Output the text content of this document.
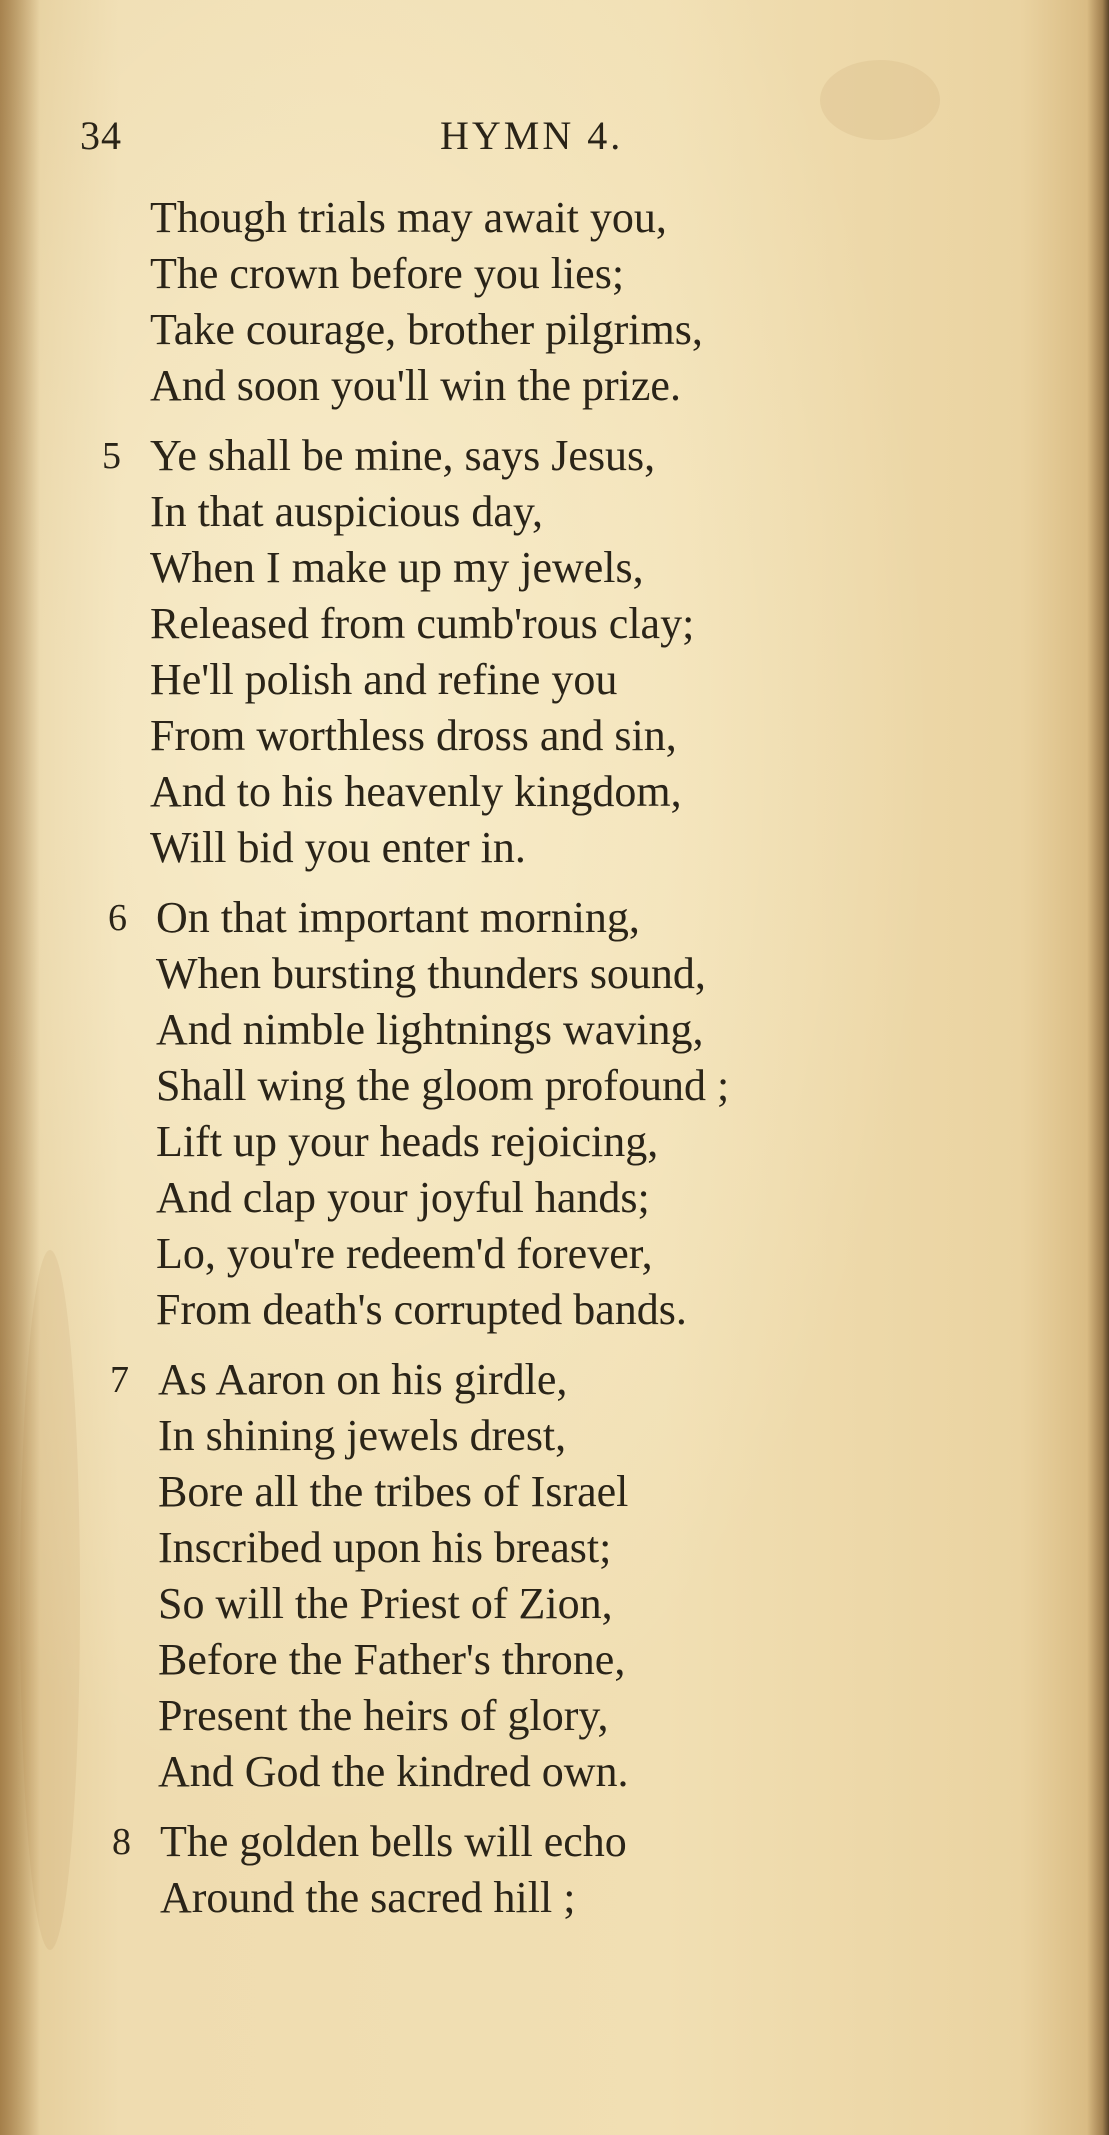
34	HYMN 4.
Though trials may await you,
The crown before you lies;
Take courage, brother pilgrims,
And soon you'll win the prize.
5 Ye shall be mine, says Jesus,
In that auspicious day,
When I make up my jewels,
Released from cumb'rous clay;
He'll polish and refine you
From worthless dross and sin,
And to his heavenly kingdom,
Will bid you enter in.
6 On that important morning,
When bursting thunders sound,
And nimble lightnings waving,
Shall wing the gloom profound ;
Lift up your heads rejoicing,
And clap your joyful hands;
Lo, you're redeem'd forever,
From death's corrupted bands.
7 As Aaron on his girdle,
In shining jewels drest,
Bore all the tribes of Israel
Inscribed upon his breast;
So will the Priest of Zion,
Before the Father's throne,
Present the heirs of glory,
And God the kindred own.
8 The golden bells will echo
Around the sacred hill ;
